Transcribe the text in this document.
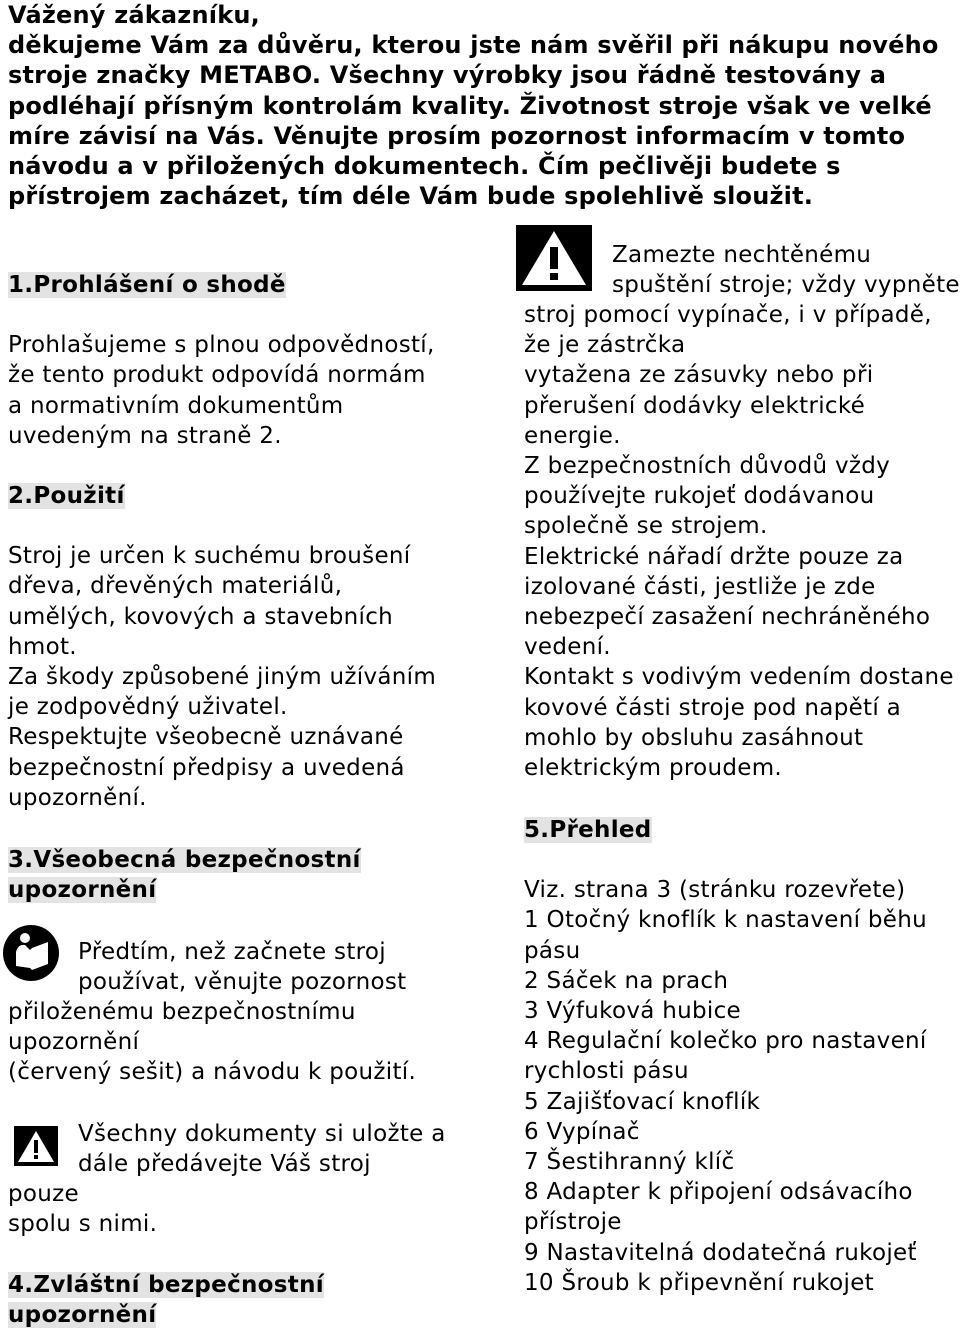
Vážený zákazníku,

děkujeme Vám za důvěru, kterou jste nám svěřil při nákupu nového stroje značky METABO. Všechny výrobky jsou řádně testovány a podléhají přísným kontrolám kvality. Životnost stroje však ve velké míre závisí na Vás. Věnujte prosím pozornost informacím v tomto návodu a v přiložených dokumentech. Čím pečlivěji budete s přístrojem zacházet, tím déle Vám bude spolehlivě sloužit.

1.Prohlášení o shodě

Prohlašujeme s plnou odpovědností,
že tento produkt odpovídá normám
a normativním dokumentům
uvedeným na straně 2.

2.Použití

Stroj je určen k suchému broušení
dřeva, dřevěných materiálů,
umělých, kovových a stavebních
hmot.
Za škody způsobené jiným užíváním
je zodpovědný uživatel.
Respektujte všeobecně uznávané
bezpečnostní předpisy a uvedená
upozornění.

3.Všeobecná bezpečnostní
upozornění

Předtím, než začnete stroj
používat, věnujte pozornost

přiloženému bezpečnostnímu
upozornění
(červený sešit) a návodu k použití.

Všechny dokumenty si uložte a
dále předávejte Váš stroj

pouze
spolu s nimi.

4.Zvláštní bezpečnostní
upozornění

Zamezte nechtěnému
spuštění stroje; vždy vypněte

stroj pomocí vypínače, i v případě,
že je zástrčka
vytažena ze zásuvky nebo při
přerušení dodávky elektrické
energie.
Z bezpečnostních důvodů vždy
používejte rukojeť dodávanou
společně se strojem.
Elektrické nářadí držte pouze za
izolované části, jestliže je zde
nebezpečí zasažení nechráněného
vedení.
Kontakt s vodivým vedením dostane
kovové části stroje pod napětí a
mohlo by obsluhu zasáhnout
elektrickým proudem.

5.Přehled

Viz. strana 3 (stránku rozevřete)

1 Otočný knoflík k nastavení běhu
pásu

2 Sáček na prach

3 Výfuková hubice

4 Regulační kolečko pro nastavení
rychlosti pásu

5 Zajišťovací knoflík

6 Vypínač

7 Šestihranný klíč

8 Adapter k připojení odsávacího
přístroje

9 Nastavitelná dodatečná rukojeť

10 Šroub k připevnění rukojet
